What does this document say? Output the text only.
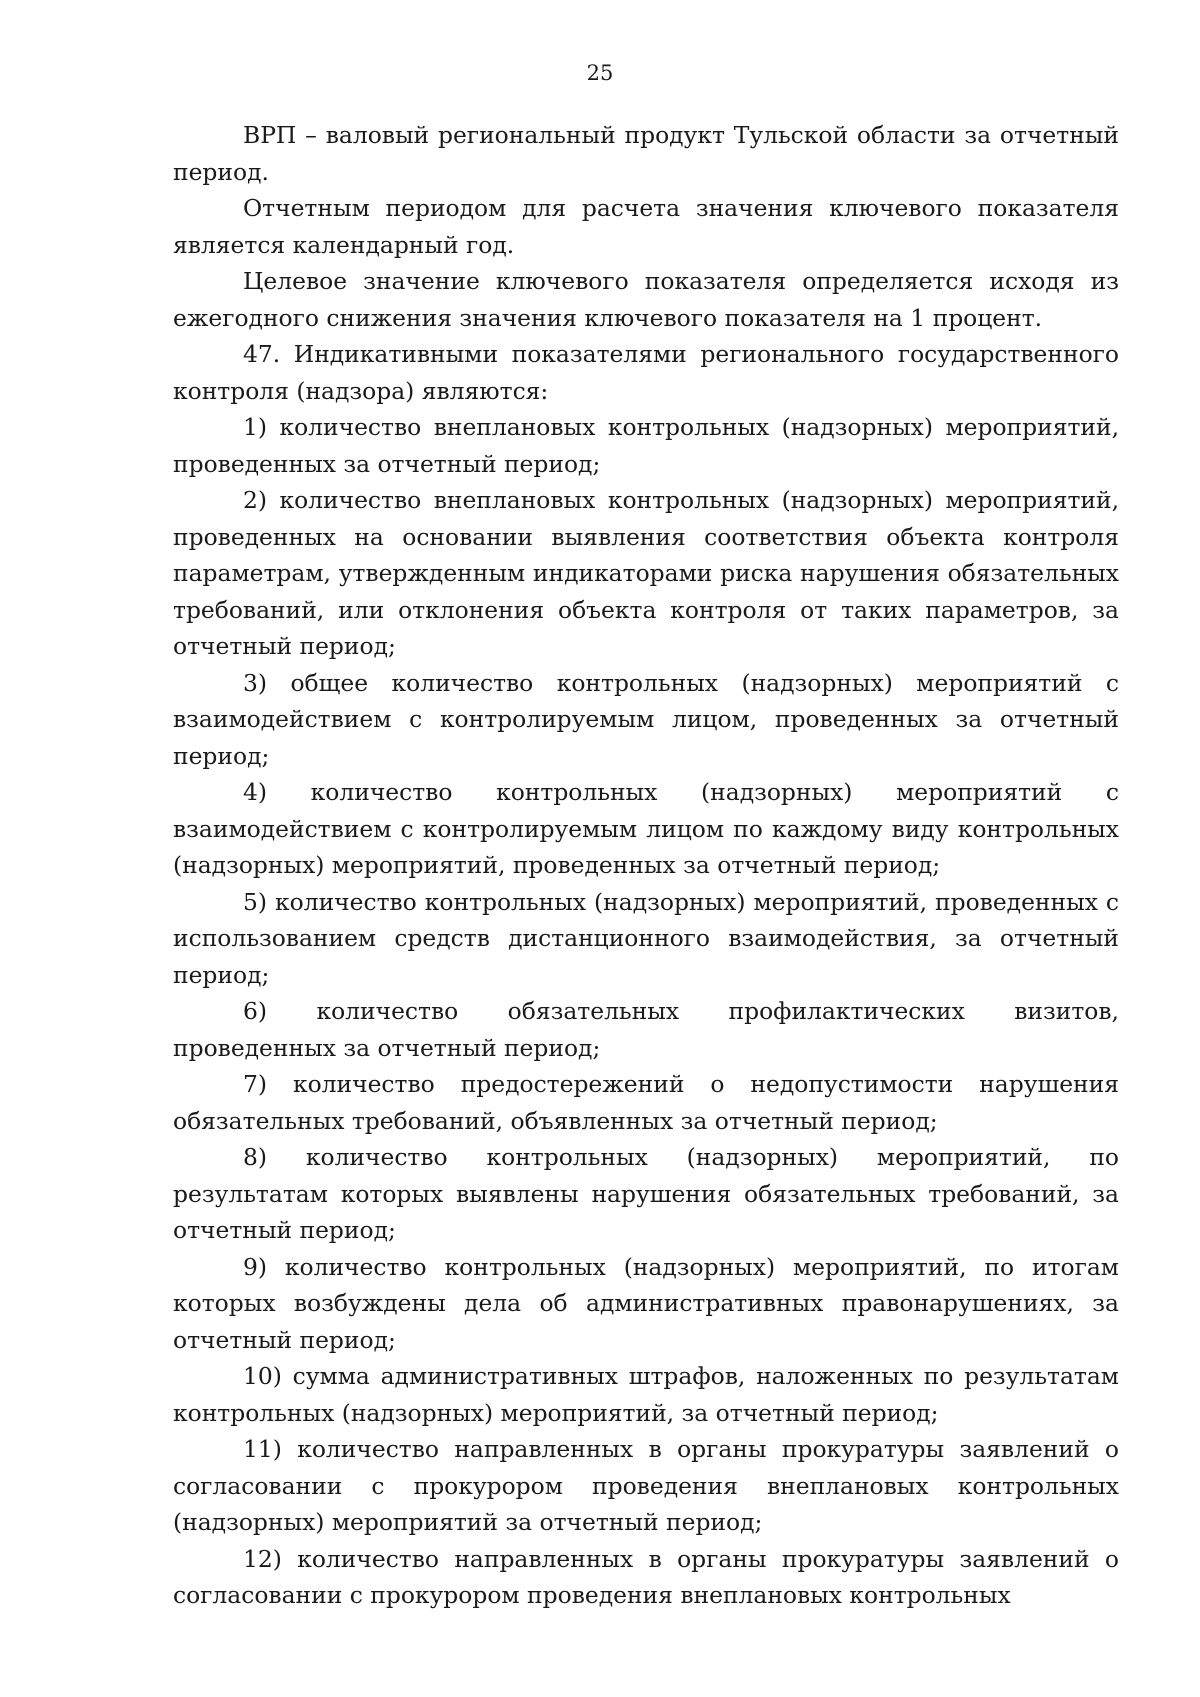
25

ВРП – валовый региональный продукт Тульской области за отчетный период.

Отчетным периодом для расчета значения ключевого показателя является календарный год.

Целевое значение ключевого показателя определяется исходя из ежегодного снижения значения ключевого показателя на 1 процент.

47. Индикативными показателями регионального государственного контроля (надзора) являются:

1) количество внеплановых контрольных (надзорных) мероприятий, проведенных за отчетный период;

2) количество внеплановых контрольных (надзорных) мероприятий, проведенных на основании выявления соответствия объекта контроля параметрам, утвержденным индикаторами риска нарушения обязательных требований, или отклонения объекта контроля от таких параметров, за отчетный период;

3) общее количество контрольных (надзорных) мероприятий с взаимодействием с контролируемым лицом, проведенных за отчетный период;

4) количество контрольных (надзорных) мероприятий с взаимодействием с контролируемым лицом по каждому виду контрольных (надзорных) мероприятий, проведенных за отчетный период;

5) количество контрольных (надзорных) мероприятий, проведенных с использованием средств дистанционного взаимодействия, за отчетный период;

6) количество обязательных профилактических визитов, проведенных за отчетный период;

7) количество предостережений о недопустимости нарушения обязательных требований, объявленных за отчетный период;

8) количество контрольных (надзорных) мероприятий, по результатам которых выявлены нарушения обязательных требований, за отчетный период;

9) количество контрольных (надзорных) мероприятий, по итогам которых возбуждены дела об административных правонарушениях, за отчетный период;

10) сумма административных штрафов, наложенных по результатам контрольных (надзорных) мероприятий, за отчетный период;

11) количество направленных в органы прокуратуры заявлений о согласовании с прокурором проведения внеплановых контрольных (надзорных) мероприятий за отчетный период;

12) количество направленных в органы прокуратуры заявлений о согласовании с прокурором проведения внеплановых контрольных
